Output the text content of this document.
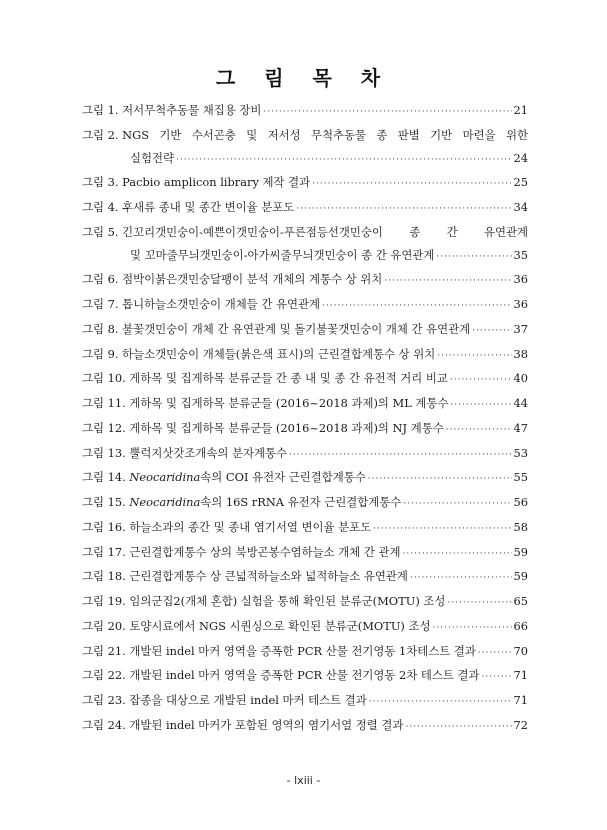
그 림 목 차
그림 1. 저서무척추동물 채집용 장비 ·····	21
그림 2. NGS 기반 수서곤충 및 저서성 무척추동물 종 판별 기반 마련을 위한
실험전략 ·····	24
그림 3. Pacbio amplicon library 제작 결과 ·····	25
그림 4. 후새류 종내 및 종간 변이율 분포도 ·····	34
그림 5. 긴꼬리갯민숭이-예쁜이갯민숭이-푸른점등선갯민숭이 종 간 유연관계
및 꼬마줄무늬갯민숭이-아가씨줄무늬갯민숭이 종 간 유연관계 ·····	35
그림 6. 점박이붉은갯민숭달팽이 분석 개체의 계통수 상 위치 ·····	36
그림 7. 톱니하늘소갯민숭이 개체들 간 유연관계 ·····	36
그림 8. 불꽃갯민숭이 개체 간 유연관계 및 돌기불꽃갯민숭이 개체 간 유연관계 ·····	37
그림 9. 하늘소갯민숭이 개체들(붉은색 표시)의 근린결합계통수 상 위치 ·····	38
그림 10. 게하목 및 집게하목 분류군들 간 종 내 및 종 간 유전적 거리 비교 ·····	40
그림 11. 게하목 및 집게하목 분류군들 (2016~2018 과제)의 ML 계통수 ·····	44
그림 12. 게하목 및 집게하목 분류군들 (2016~2018 과제)의 NJ 계통수 ·····	47
그림 13. 뿔럭지삿갓조개속의 분자계통수 ·····	53
그림 14. Neocaridina속의 COI 유전자 근린결합계통수 ·····	55
그림 15. Neocaridina속의 16S rRNA 유전자 근린결합계통수 ·····	56
그림 16. 하늘소과의 종간 및 종내 염기서열 변이율 분포도 ·····	58
그림 17. 근린결합계통수 상의 북방곤봉수염하늘소 개체 간 관계 ·····	59
그림 18. 근린결합계통수 상 큰넓적하늘소와 넓적하늘소 유연관계 ·····	59
그림 19. 임의군집2(개체 혼합) 실험을 통해 확인된 분류군(MOTU) 조성 ·····	65
그림 20. 토양시료에서 NGS 시퀀싱으로 확인된 분류군(MOTU) 조성 ·····	66
그림 21. 개발된 indel 마커 영역을 증폭한 PCR 산물 전기영동 1차테스트 결과 ·····	70
그림 22. 개발된 indel 마커 영역을 증폭한 PCR 산물 전기영동 2차 테스트 결과 ·····	71
그림 23. 잡종을 대상으로 개발된 indel 마커 테스트 결과 ·····	71
그림 24. 개발된 indel 마커가 포함된 영역의 염기서열 정렬 결과 ·····	72
- lxiii -
